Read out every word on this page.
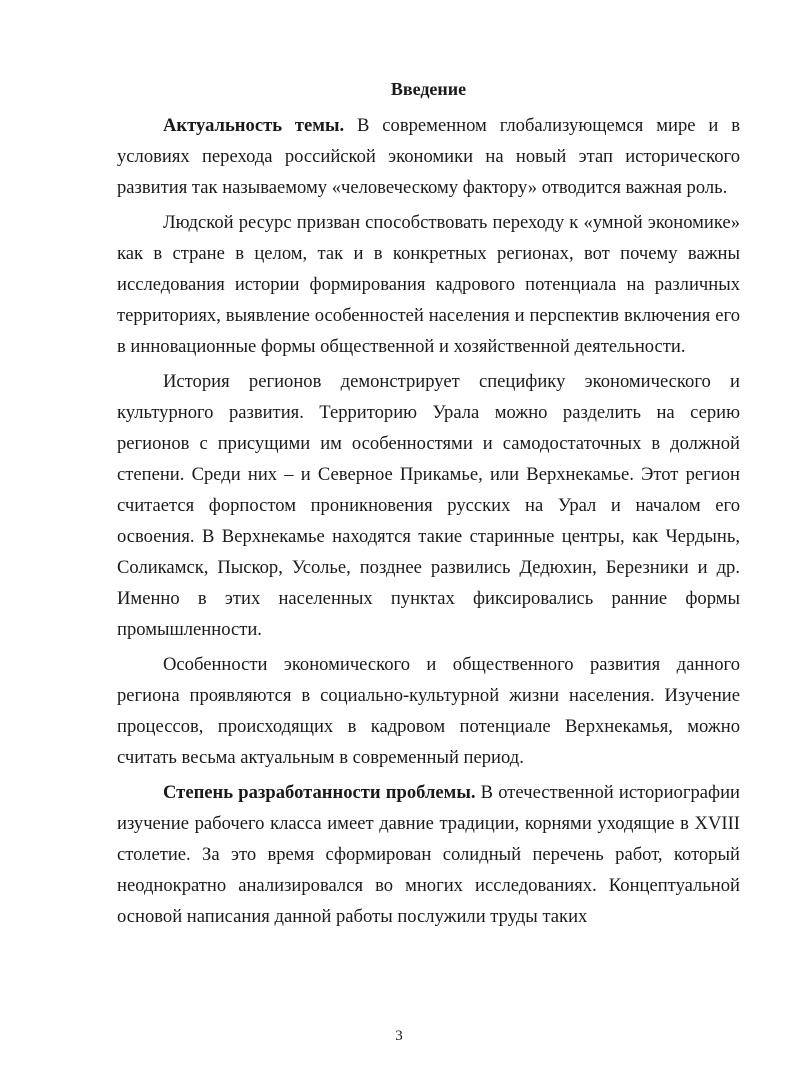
Введение

Актуальность темы. В современном глобализующемся мире и в условиях перехода российской экономики на новый этап исторического развития так называемому «человеческому фактору» отводится важная роль.

Людской ресурс призван способствовать переходу к «умной экономике» как в стране в целом, так и в конкретных регионах, вот почему важны исследования истории формирования кадрового потенциала на различных территориях, выявление особенностей населения и перспектив включения его в инновационные формы общественной и хозяйственной деятельности.

История регионов демонстрирует специфику экономического и культурного развития. Территорию Урала можно разделить на серию регионов с присущими им особенностями и самодостаточных в должной степени. Среди них – и Северное Прикамье, или Верхнекамье. Этот регион считается форпостом проникновения русских на Урал и началом его освоения. В Верхнекамье находятся такие старинные центры, как Чердынь, Соликамск, Пыскор, Усолье, позднее развились Дедюхин, Березники и др. Именно в этих населенных пунктах фиксировались ранние формы промышленности.

Особенности экономического и общественного развития данного региона проявляются в социально-культурной жизни населения. Изучение процессов, происходящих в кадровом потенциале Верхнекамья, можно считать весьма актуальным в современный период.

Степень разработанности проблемы. В отечественной историографии изучение рабочего класса имеет давние традиции, корнями уходящие в XVIII столетие. За это время сформирован солидный перечень работ, который неоднократно анализировался во многих исследованиях. Концептуальной основой написания данной работы послужили труды таких

3
